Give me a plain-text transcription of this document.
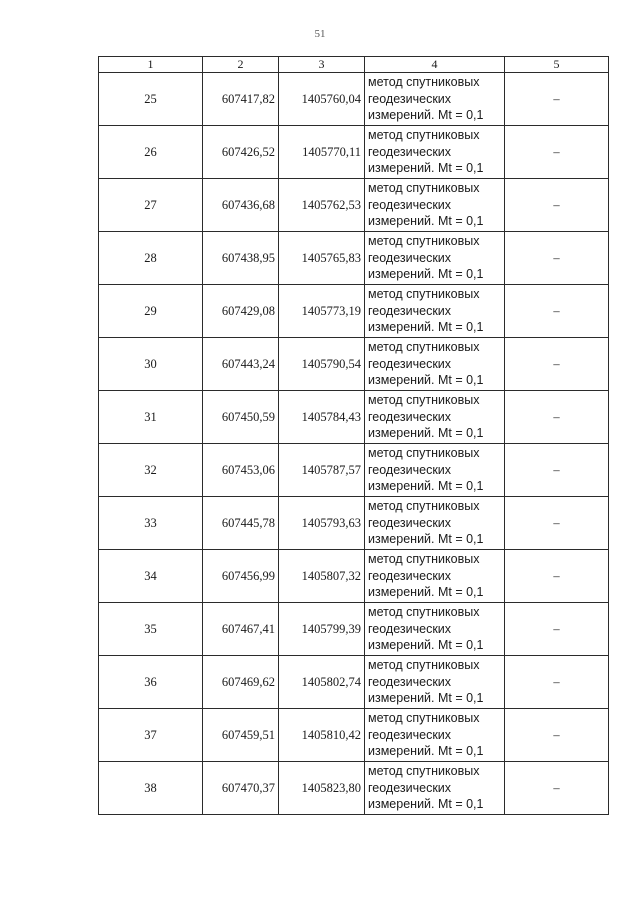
51
1	2	3	4	5
25	607417,82	1405760,04	метод спутниковых
геодезических
измерений. Mt = 0,1	–
26	607426,52	1405770,11	метод спутниковых
геодезических
измерений. Mt = 0,1	–
27	607436,68	1405762,53	метод спутниковых
геодезических
измерений. Mt = 0,1	–
28	607438,95	1405765,83	метод спутниковых
геодезических
измерений. Mt = 0,1	–
29	607429,08	1405773,19	метод спутниковых
геодезических
измерений. Mt = 0,1	–
30	607443,24	1405790,54	метод спутниковых
геодезических
измерений. Mt = 0,1	–
31	607450,59	1405784,43	метод спутниковых
геодезических
измерений. Mt = 0,1	–
32	607453,06	1405787,57	метод спутниковых
геодезических
измерений. Mt = 0,1	–
33	607445,78	1405793,63	метод спутниковых
геодезических
измерений. Mt = 0,1	–
34	607456,99	1405807,32	метод спутниковых
геодезических
измерений. Mt = 0,1	–
35	607467,41	1405799,39	метод спутниковых
геодезических
измерений. Mt = 0,1	–
36	607469,62	1405802,74	метод спутниковых
геодезических
измерений. Mt = 0,1	–
37	607459,51	1405810,42	метод спутниковых
геодезических
измерений. Mt = 0,1	–
38	607470,37	1405823,80	метод спутниковых
геодезических
измерений. Mt = 0,1	–
